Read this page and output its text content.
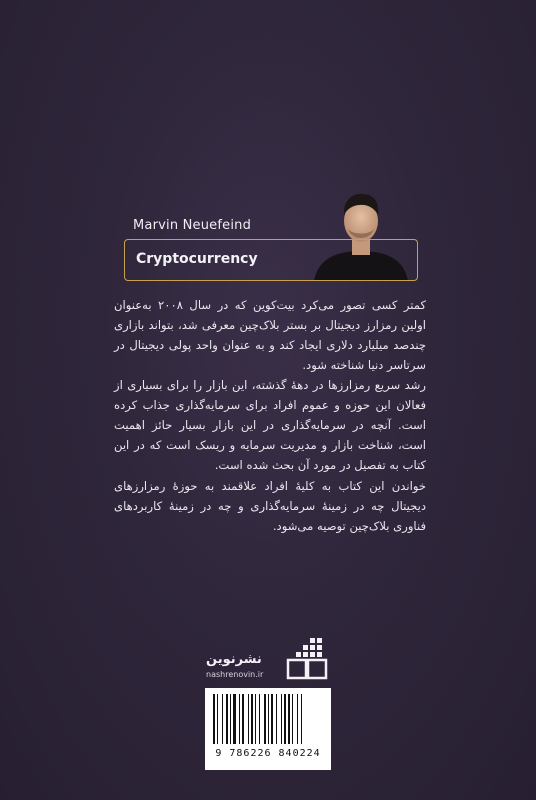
Marvin Neuefeind
Cryptocurrency
کمتر کسی تصور می‌کرد بیت‌کوین که در سال ۲۰۰۸ به‌عنوان اولین رمزارز دیجیتال بر بستر بلاک‌چین معرفی شد، بتواند بازاری چندصد میلیارد دلاری ایجاد کند و به عنوان واحد پولی دیجیتال در سرتاسر دنیا شناخته شود.
رشد سریع رمزارزها در دههٔ گذشته، این بازار را برای بسیاری از فعالان این حوزه و عموم افراد برای سرمایه‌گذاری جذاب کرده است. آنچه در سرمایه‌گذاری در این بازار بسیار حائز اهمیت است، شناخت بازار و مدیریت سرمایه و ریسک است که در این کتاب به تفصیل در مورد آن بحث شده است.
خواندن این کتاب به کلیهٔ افراد علاقمند به حوزهٔ رمزارزهای دیجیتال چه در زمینهٔ سرمایه‌گذاری و چه در زمینهٔ کاربردهای فناوری بلاک‌چین توصیه می‌شود.
نشرنوین
nashrenovin.ir
9 786226 840224
